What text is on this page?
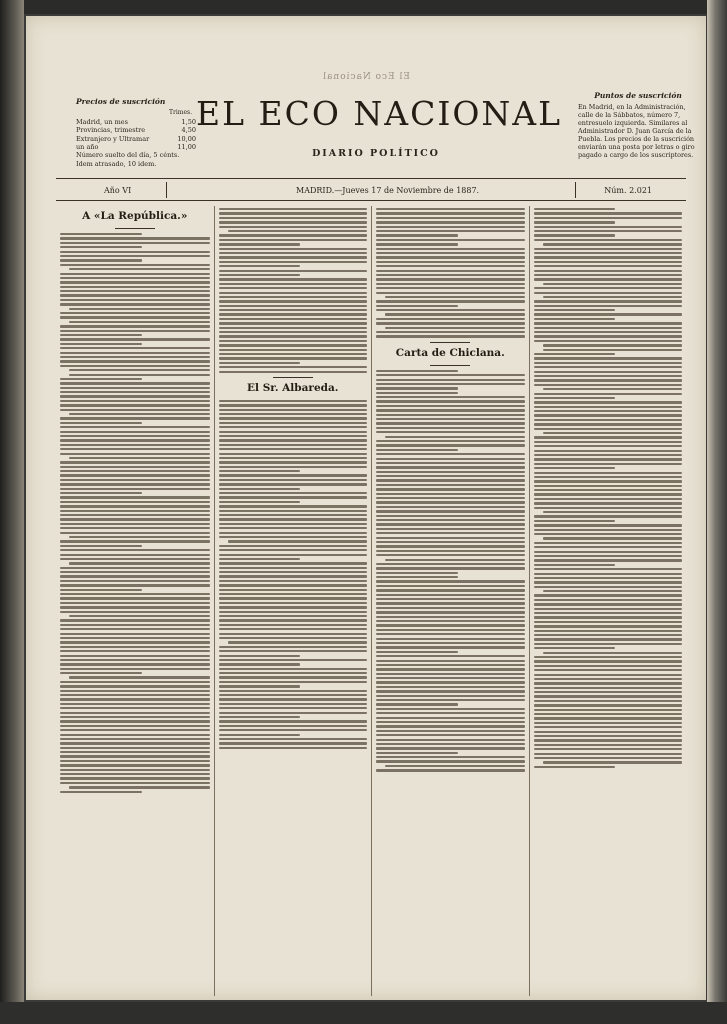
El Eco Nacional
Precios de suscrición
Trimes.
Madrid, un mes	1,50
Provincias, trimestre	4,50
Extranjero y Ultramar	10,00
un año	11,00
Número suelto del día, 5 cénts.
Idem atrasado, 10 idem.
EL ECO NACIONAL
DIARIO POLÍTICO
Puntos de suscrición
En Madrid, en la Administración, calle de la Sábbatos, número 7, entresuelo izquierda. Similares al Administrador D. Juan García de la Puebla. Los precios de la suscrición enviarán una posta por letras o giro pagado a cargo de los suscriptores.
Año VI	MADRID.—Jueves 17 de Noviembre de 1887.	Núm. 2.021
A «La República.»
El Sr. Albareda.
Carta de Chiclana.
